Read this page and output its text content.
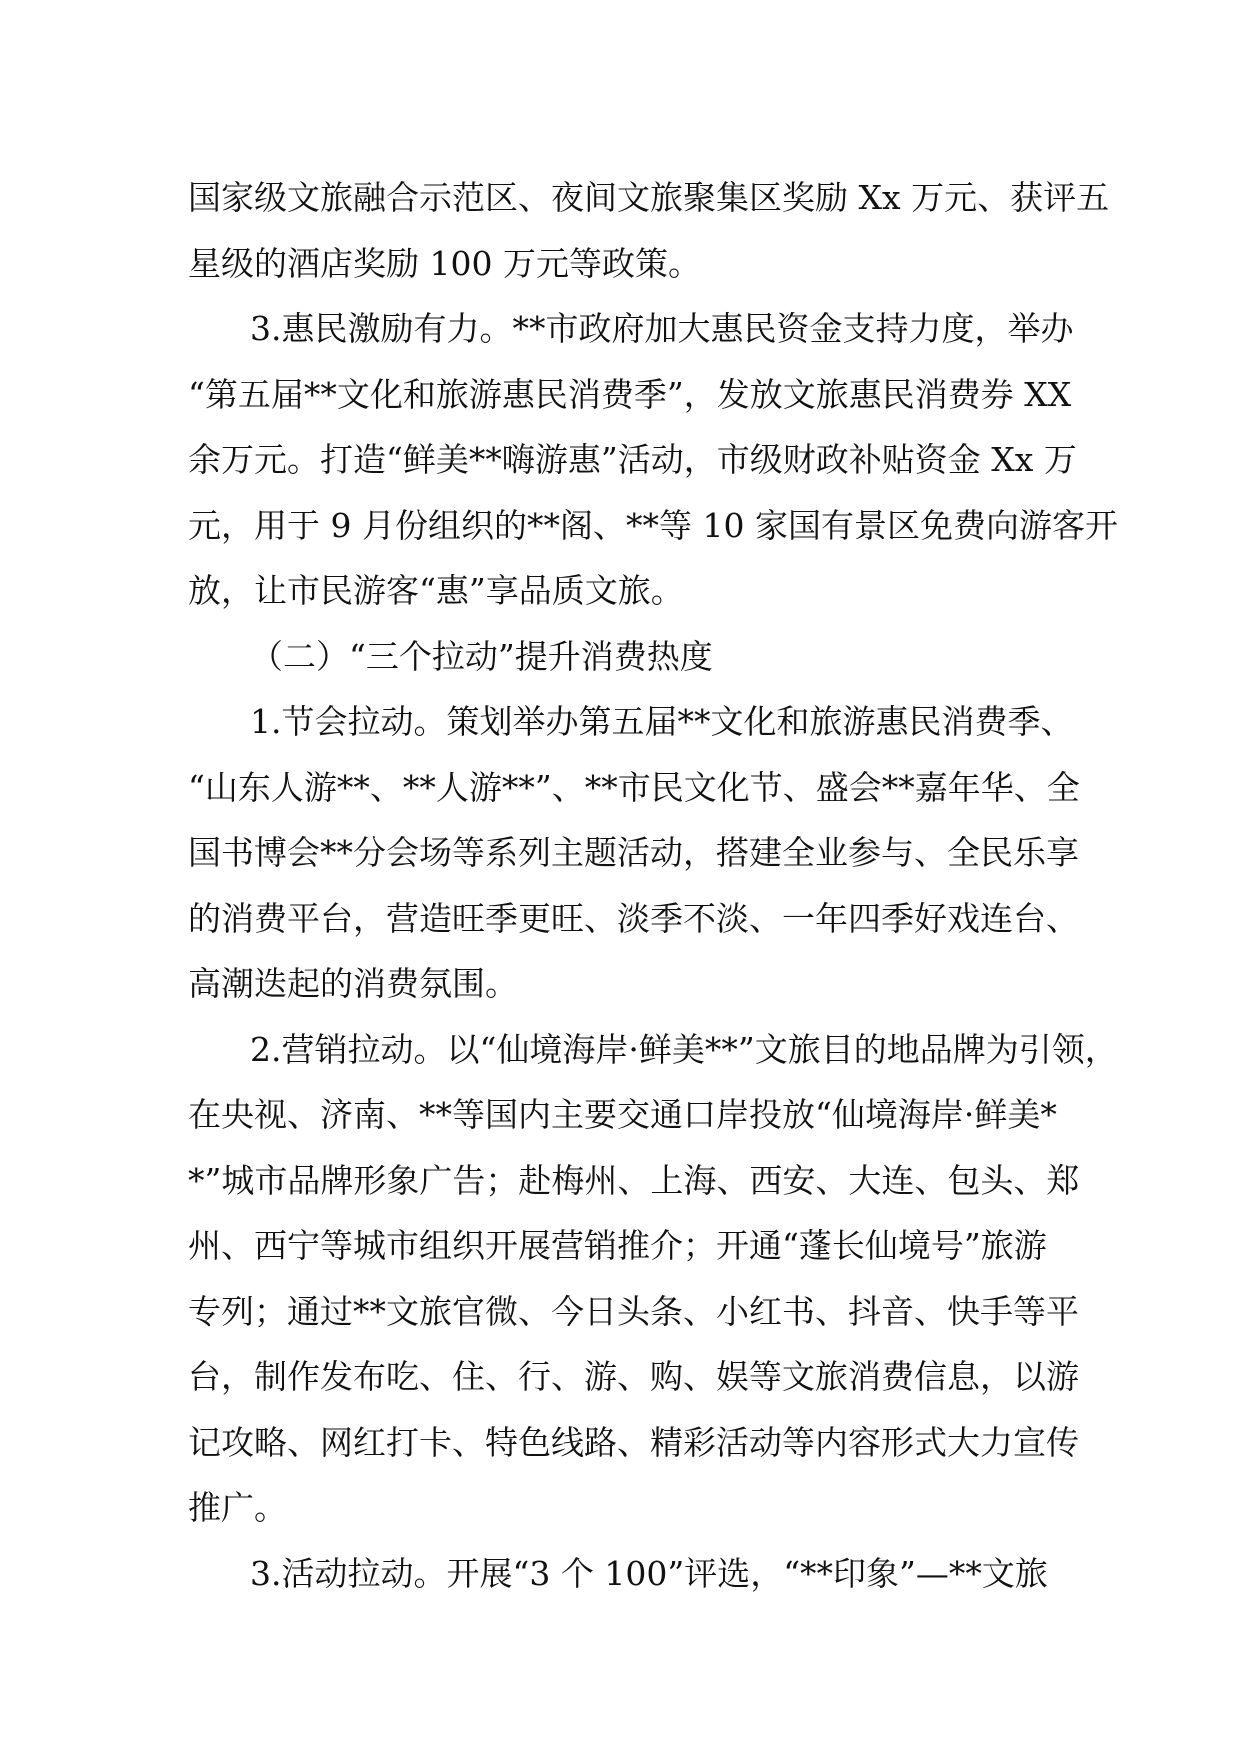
国家级文旅融合示范区、夜间文旅聚集区奖励 Xx 万元、获评五
星级的酒店奖励 100 万元等政策。
3.惠民激励有力。**市政府加大惠民资金支持力度，举办
“第五届**文化和旅游惠民消费季”，发放文旅惠民消费券 XX
余万元。打造“鲜美**嗨游惠”活动，市级财政补贴资金 Xx 万
元，用于 9 月份组织的**阁、**等 10 家国有景区免费向游客开
放，让市民游客“惠”享品质文旅。
（二）“三个拉动”提升消费热度
1.节会拉动。策划举办第五届**文化和旅游惠民消费季、
“山东人游**、**人游**”、**市民文化节、盛会**嘉年华、全
国书博会**分会场等系列主题活动，搭建全业参与、全民乐享
的消费平台，营造旺季更旺、淡季不淡、一年四季好戏连台、
高潮迭起的消费氛围。
2.营销拉动。以“仙境海岸·鲜美**”文旅目的地品牌为引领，
在央视、济南、**等国内主要交通口岸投放“仙境海岸·鲜美*
*”城市品牌形象广告；赴梅州、上海、西安、大连、包头、郑
州、西宁等城市组织开展营销推介；开通“蓬长仙境号”旅游
专列；通过**文旅官微、今日头条、小红书、抖音、快手等平
台，制作发布吃、住、行、游、购、娱等文旅消费信息，以游
记攻略、网红打卡、特色线路、精彩活动等内容形式大力宣传
推广。
3.活动拉动。开展“3 个 100”评选，“**印象”—**文旅
